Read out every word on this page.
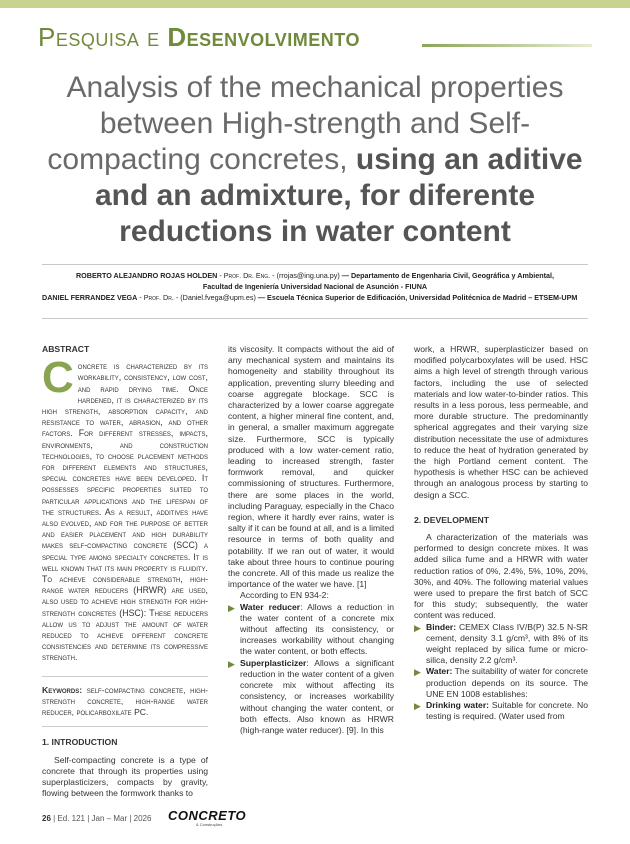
Pesquisa e Desenvolvimento
Analysis of the mechanical properties between High-strength and Self-compacting concretes, using an aditive and an admixture, for diferente reductions in water content

ROBERTO ALEJANDRO ROJAS HOLDEN - Prof. Dr. Eng. - (rrojas@ing.una.py) — Departamento de Engenharia Civil, Geográfica y Ambiental,

Facultad de Ingeniería Universidad Nacional de Asunción - FIUNA

DANIEL FERRANDEZ VEGA - Prof. Dr. - (Daniel.fvega@upm.es) — Escuela Técnica Superior de Edificación, Universidad Politécnica de Madrid – ETSEM-UPM

ABSTRACT

Concrete is characterized by its workability, consistency, low cost, and rapid drying time. Once hardened, it is characterized by its high strength, absorption capacity, and resistance to water, abrasion, and other factors. For different stresses, impacts, environments, and construction technologies, to choose placement methods for different elements and structures, special concretes have been developed. It possesses specific properties suited to particular applications and the lifespan of the structures. As a result, additives have also evolved, and for the purpose of better and easier placement and high durability makes self-compacting concrete (SCC) a special type among specialty concretes. It is well known that its main property is fluidity. To achieve considerable strength, high-range water reducers (HRWR) are used, also used to achieve high strength for high-strength concretes (HSC): These reducers allow us to adjust the amount of water reduced to achieve different concrete consistencies and determine its compressive strength.

Keywords: self-compacting concrete, high-strength concrete, high-range water reducer, policarboxilate PC.

1. INTRODUCTION

Self-compacting concrete is a type of concrete that through its properties using superplasticizers, compacts by gravity, flowing between the formwork thanks to

its viscosity. It compacts without the aid of any mechanical system and maintains its homogeneity and stability throughout its application, preventing slurry bleeding and coarse aggregate blockage. SCC is characterized by a lower coarse aggregate content, a higher mineral fine content, and, in general, a smaller maximum aggregate size. Furthermore, SCC is typically produced with a low water-cement ratio, leading to increased strength, faster formwork removal, and quicker commissioning of structures. Furthermore, there are some places in the world, including Paraguay, especially in the Chaco region, where it hardly ever rains, water is salty if it can be found at all, and is a limited resource in terms of both quality and potability. If we ran out of water, it would take about three hours to continue pouring the concrete. All of this made us realize the importance of the water we have. [1]

According to EN 934-2:

▶ Water reducer: Allows a reduction in the water content of a concrete mix without affecting its consistency, or increases workability without changing the water content, or both effects.

▶ Superplasticizer: Allows a significant reduction in the water content of a given concrete mix without affecting its consistency, or increases workability without changing the water content, or both effects. Also known as HRWR (high-range water reducer). [9]. In this

work, a HRWR, superplasticizer based on modified polycarboxylates will be used. HSC aims a high level of strength through various factors, including the use of selected materials and low water-to-binder ratios. This results in a less porous, less permeable, and more durable structure. The predominantly spherical aggregates and their varying size distribution necessitate the use of admixtures to reduce the heat of hydration generated by the high Portland cement content. The hypothesis is whether HSC can be achieved through an analogous process by starting to design a SCC.

2. DEVELOPMENT

A characterization of the materials was performed to design concrete mixes. It was added silica fume and a HRWR with water reduction ratios of 0%, 2.4%, 5%, 10%, 20%, 30%, and 40%. The following material values were used to prepare the first batch of SCC for this study; subsequently, the water content was reduced.

▶ Binder: CEMEX Class IV/B(P) 32.5 N-SR cement, density 3.1 g/cm³, with 8% of its weight replaced by silica fume or micro-silica, density 2.2 g/cm³.

▶ Water: The suitability of water for concrete production depends on its source. The UNE EN 1008 establishes:

▶ Drinking water: Suitable for concrete. No testing is required. (Water used from

26 | Ed. 121 | Jan – Mar | 2026 CONCRETO
& Construções
